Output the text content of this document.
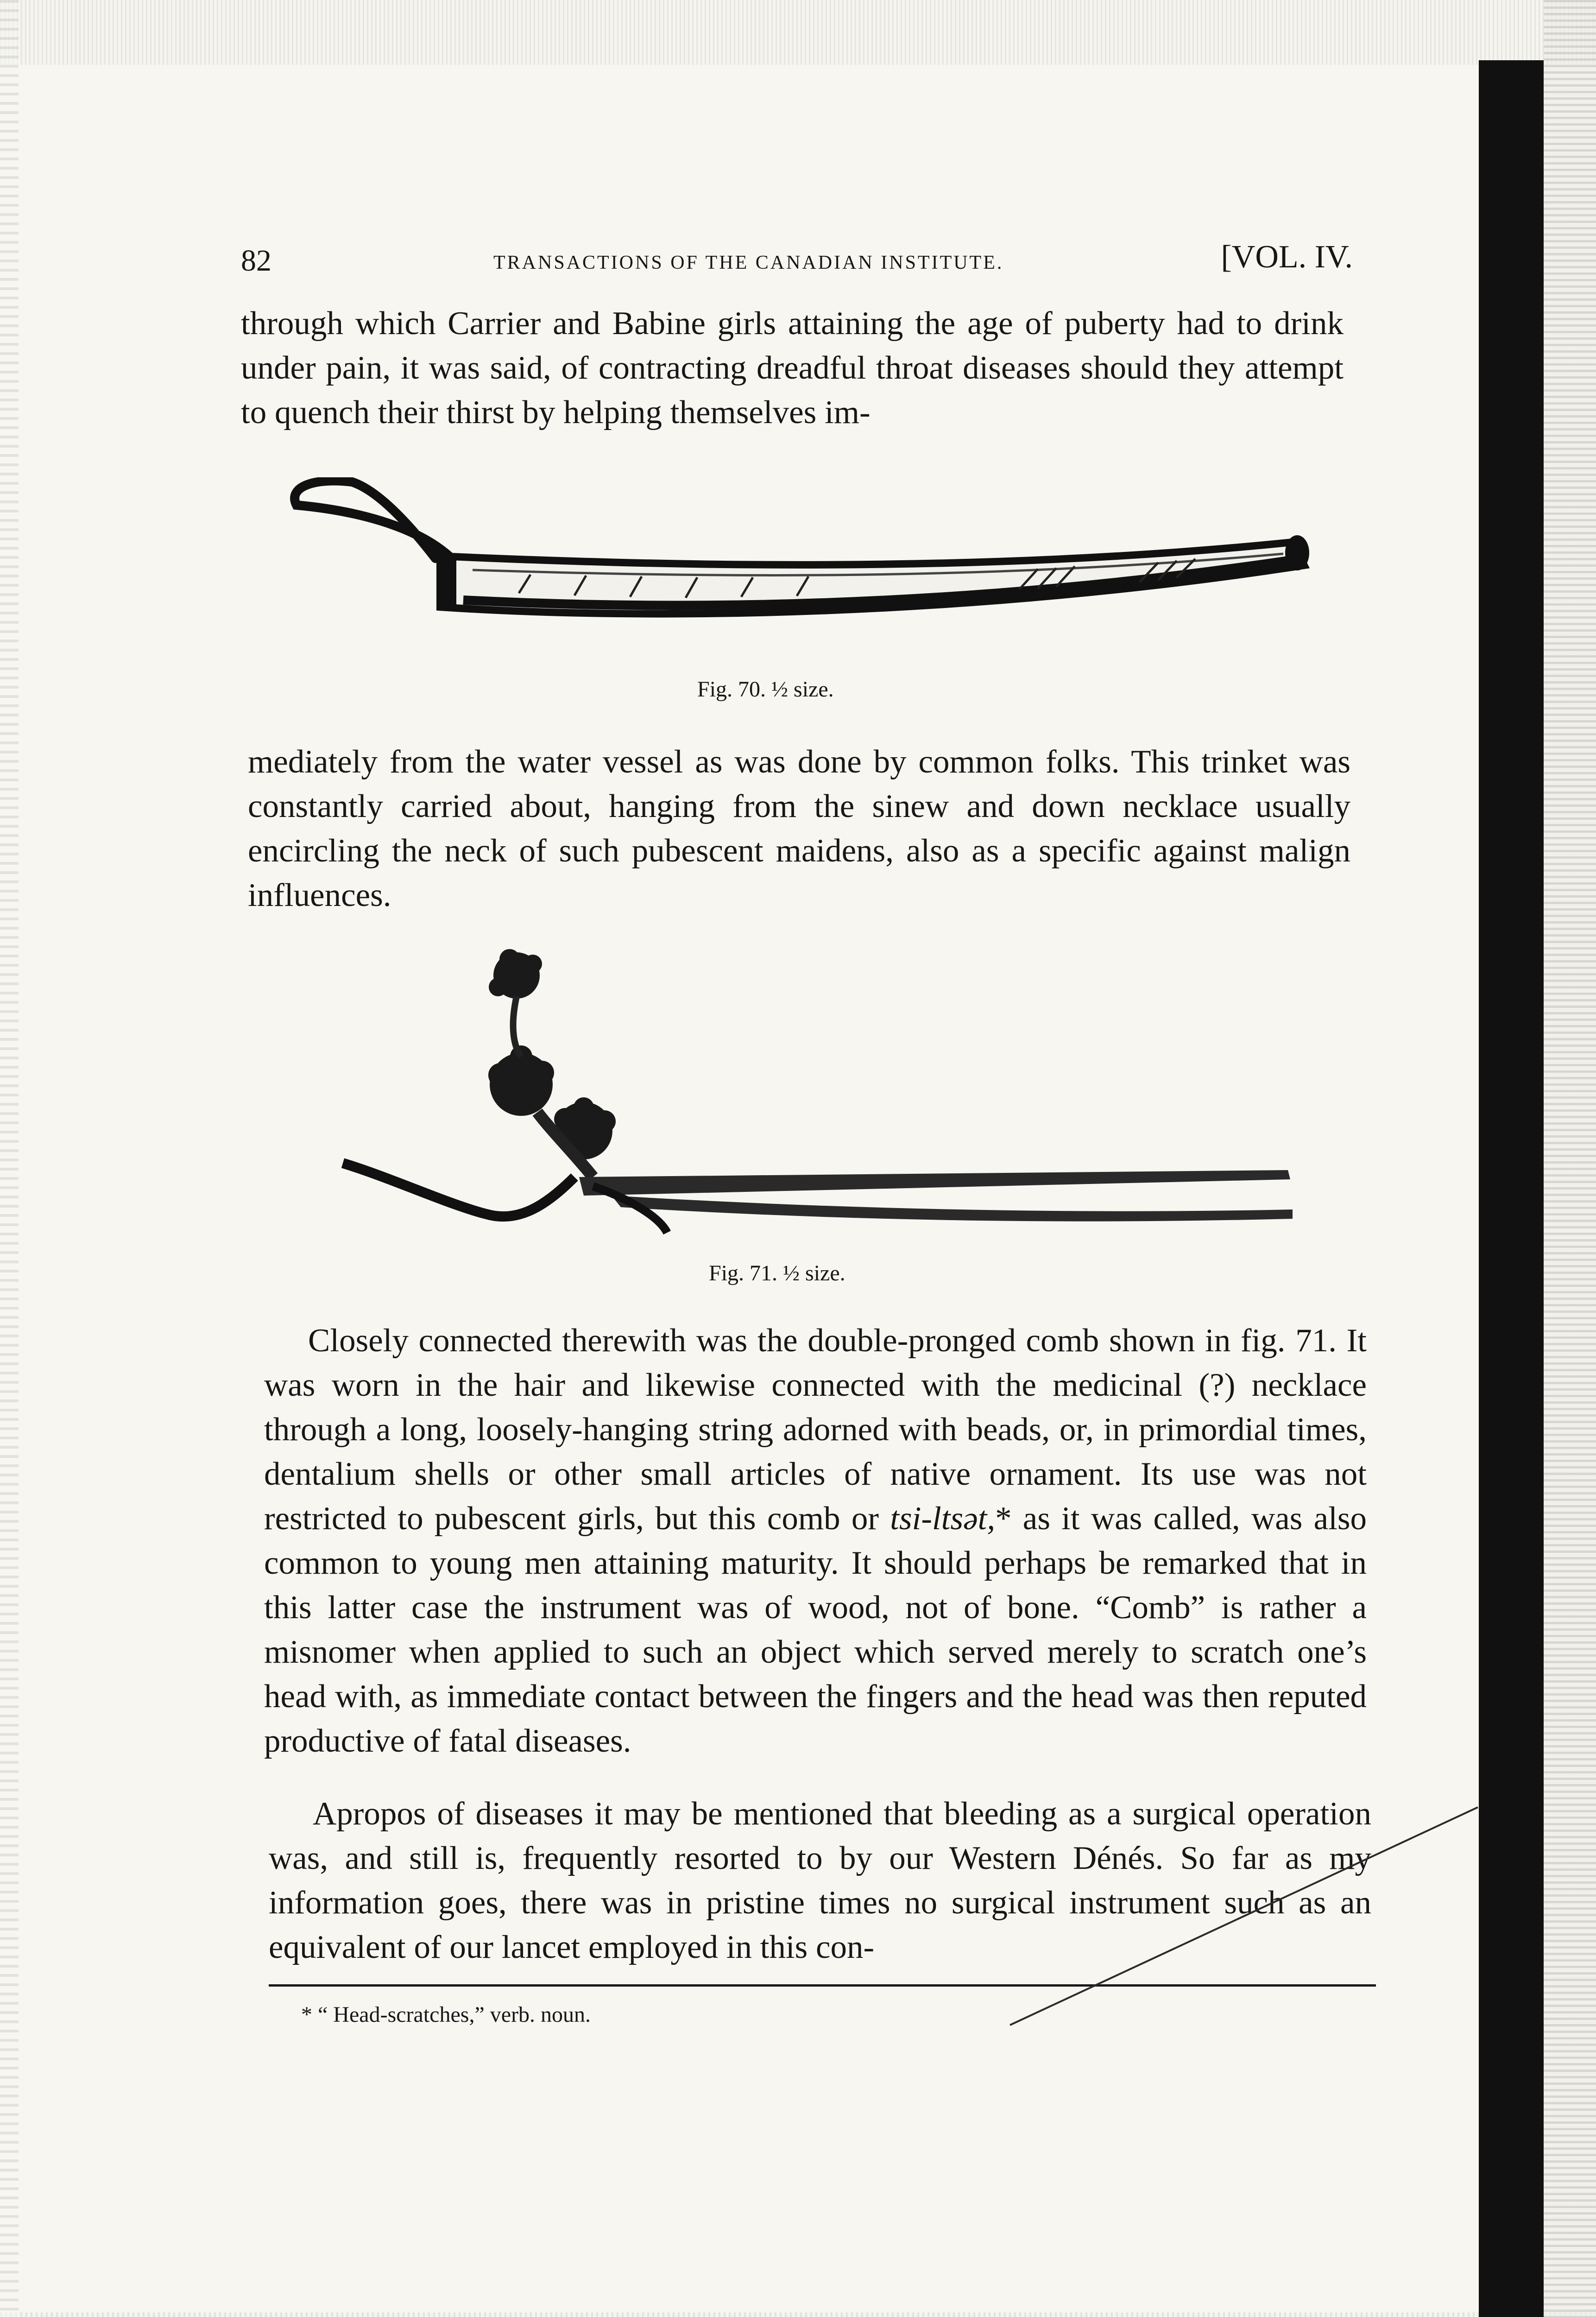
82	TRANSACTIONS OF THE CANADIAN INSTITUTE.	[VOL. IV.

through which Carrier and Babine girls attaining the age of puberty had to drink under pain, it was said, of contracting dreadful throat diseases should they attempt to quench their thirst by helping themselves im-

Fig. 70. ½ size.

mediately from the water vessel as was done by common folks. This trinket was constantly carried about, hanging from the sinew and down necklace usually encircling the neck of such pubescent maidens, also as a specific against malign influences.

Fig. 71. ½ size.

Closely connected therewith was the double-pronged comb shown in fig. 71. It was worn in the hair and likewise connected with the medicinal (?) necklace through a long, loosely-hanging string adorned with beads, or, in primordial times, dentalium shells or other small articles of native ornament. Its use was not restricted to pubescent girls, but this comb or tsi-ltsət,* as it was called, was also common to young men attaining maturity. It should perhaps be remarked that in this latter case the instrument was of wood, not of bone. “Comb” is rather a misnomer when applied to such an object which served merely to scratch one’s head with, as immediate contact between the fingers and the head was then reputed productive of fatal diseases.

Apropos of diseases it may be mentioned that bleeding as a surgical operation was, and still is, frequently resorted to by our Western Dénés. So far as my information goes, there was in pristine times no surgical instrument such as an equivalent of our lancet employed in this con-

* “ Head-scratches,” verb. noun.
